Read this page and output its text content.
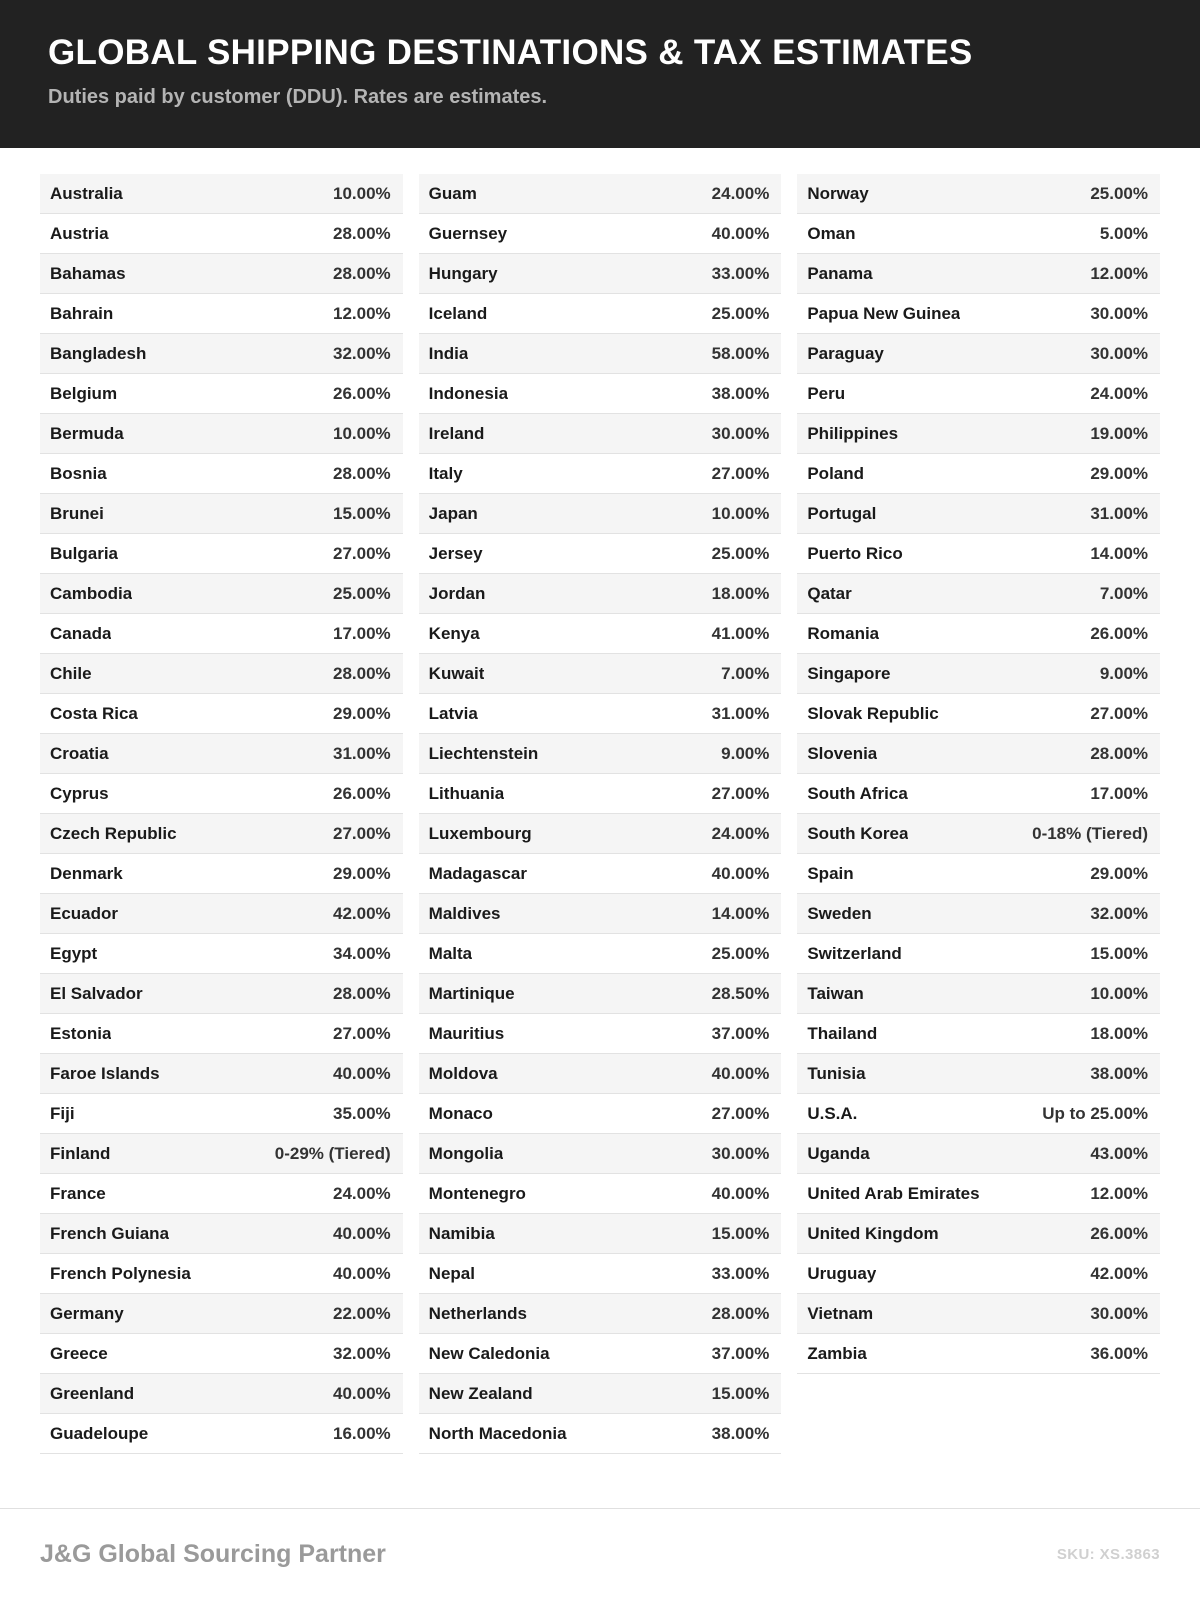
GLOBAL SHIPPING DESTINATIONS & TAX ESTIMATES

Duties paid by customer (DDU). Rates are estimates.

Australia	10.00%
Austria	28.00%
Bahamas	28.00%
Bahrain	12.00%
Bangladesh	32.00%
Belgium	26.00%
Bermuda	10.00%
Bosnia	28.00%
Brunei	15.00%
Bulgaria	27.00%
Cambodia	25.00%
Canada	17.00%
Chile	28.00%
Costa Rica	29.00%
Croatia	31.00%
Cyprus	26.00%
Czech Republic	27.00%
Denmark	29.00%
Ecuador	42.00%
Egypt	34.00%
El Salvador	28.00%
Estonia	27.00%
Faroe Islands	40.00%
Fiji	35.00%
Finland	0-29% (Tiered)
France	24.00%
French Guiana	40.00%
French Polynesia	40.00%
Germany	22.00%
Greece	32.00%
Greenland	40.00%
Guadeloupe	16.00%
Guam	24.00%
Guernsey	40.00%
Hungary	33.00%
Iceland	25.00%
India	58.00%
Indonesia	38.00%
Ireland	30.00%
Italy	27.00%
Japan	10.00%
Jersey	25.00%
Jordan	18.00%
Kenya	41.00%
Kuwait	7.00%
Latvia	31.00%
Liechtenstein	9.00%
Lithuania	27.00%
Luxembourg	24.00%
Madagascar	40.00%
Maldives	14.00%
Malta	25.00%
Martinique	28.50%
Mauritius	37.00%
Moldova	40.00%
Monaco	27.00%
Mongolia	30.00%
Montenegro	40.00%
Namibia	15.00%
Nepal	33.00%
Netherlands	28.00%
New Caledonia	37.00%
New Zealand	15.00%
North Macedonia	38.00%
Norway	25.00%
Oman	5.00%
Panama	12.00%
Papua New Guinea	30.00%
Paraguay	30.00%
Peru	24.00%
Philippines	19.00%
Poland	29.00%
Portugal	31.00%
Puerto Rico	14.00%
Qatar	7.00%
Romania	26.00%
Singapore	9.00%
Slovak Republic	27.00%
Slovenia	28.00%
South Africa	17.00%
South Korea	0-18% (Tiered)
Spain	29.00%
Sweden	32.00%
Switzerland	15.00%
Taiwan	10.00%
Thailand	18.00%
Tunisia	38.00%
U.S.A.	Up to 25.00%
Uganda	43.00%
United Arab Emirates	12.00%
United Kingdom	26.00%
Uruguay	42.00%
Vietnam	30.00%
Zambia	36.00%
J&G Global Sourcing Partner	SKU: XS.3863
